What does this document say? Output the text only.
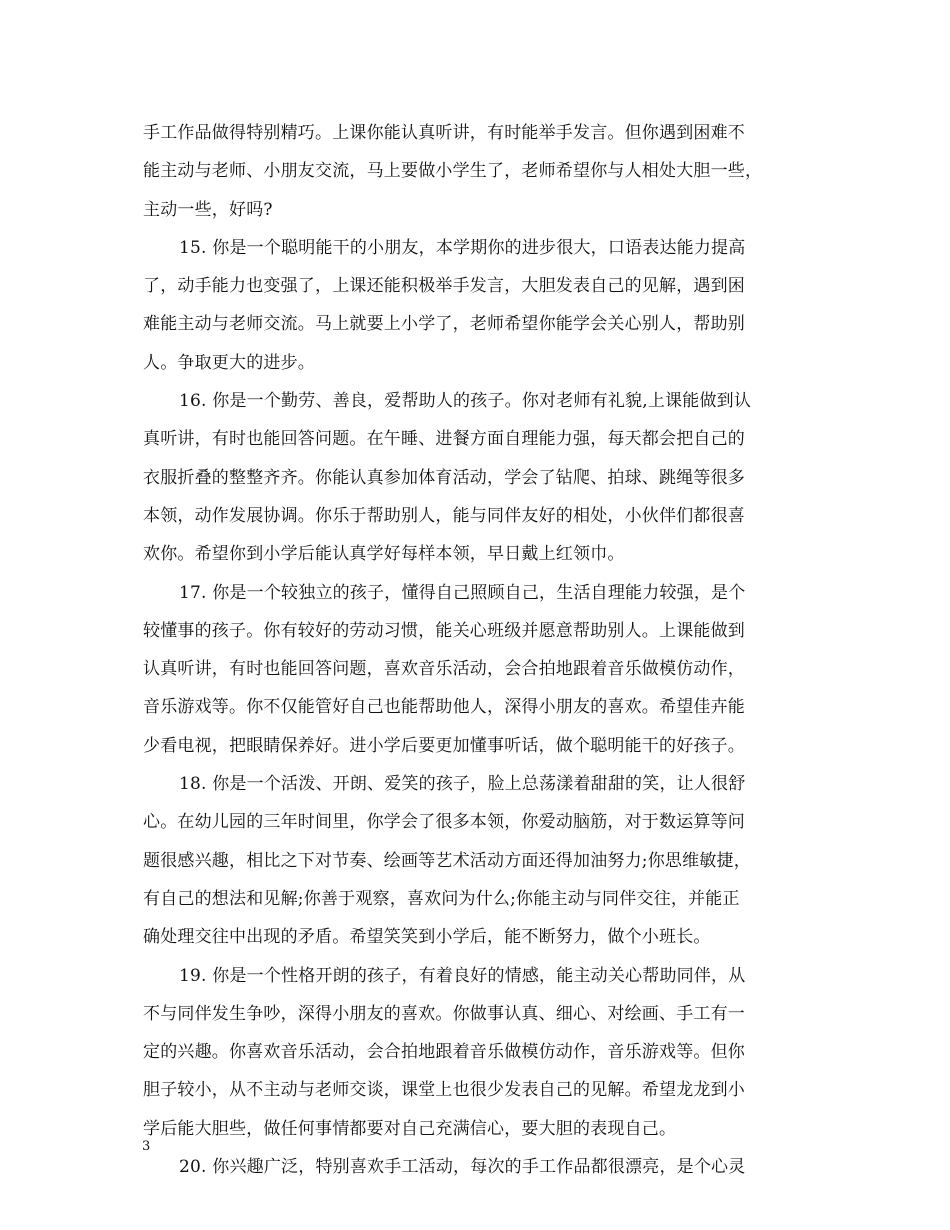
手工作品做得特别精巧。上课你能认真听讲，有时能举手发言。但你遇到困难不
能主动与老师、小朋友交流，马上要做小学生了，老师希望你与人相处大胆一些，
主动一些，好吗?
15. 你是一个聪明能干的小朋友，本学期你的进步很大，口语表达能力提高
了，动手能力也变强了，上课还能积极举手发言，大胆发表自己的见解，遇到困
难能主动与老师交流。马上就要上小学了，老师希望你能学会关心别人，帮助别
人。争取更大的进步。
16. 你是一个勤劳、善良，爱帮助人的孩子。你对老师有礼貌,上课能做到认
真听讲，有时也能回答问题。在午睡、进餐方面自理能力强，每天都会把自己的
衣服折叠的整整齐齐。你能认真参加体育活动，学会了钻爬、拍球、跳绳等很多
本领，动作发展协调。你乐于帮助别人，能与同伴友好的相处，小伙伴们都很喜
欢你。希望你到小学后能认真学好每样本领，早日戴上红领巾。
17. 你是一个较独立的孩子，懂得自己照顾自己，生活自理能力较强，是个
较懂事的孩子。你有较好的劳动习惯，能关心班级并愿意帮助别人。上课能做到
认真听讲，有时也能回答问题，喜欢音乐活动，会合拍地跟着音乐做模仿动作，
音乐游戏等。你不仅能管好自己也能帮助他人，深得小朋友的喜欢。希望佳卉能
少看电视，把眼睛保养好。进小学后要更加懂事听话，做个聪明能干的好孩子。
18. 你是一个活泼、开朗、爱笑的孩子，脸上总荡漾着甜甜的笑，让人很舒
心。在幼儿园的三年时间里，你学会了很多本领，你爱动脑筋，对于数运算等问
题很感兴趣，相比之下对节奏、绘画等艺术活动方面还得加油努力;你思维敏捷，
有自己的想法和见解;你善于观察，喜欢问为什么;你能主动与同伴交往，并能正
确处理交往中出现的矛盾。希望笑笑到小学后，能不断努力，做个小班长。
19. 你是一个性格开朗的孩子，有着良好的情感，能主动关心帮助同伴，从
不与同伴发生争吵，深得小朋友的喜欢。你做事认真、细心、对绘画、手工有一
定的兴趣。你喜欢音乐活动，会合拍地跟着音乐做模仿动作，音乐游戏等。但你
胆子较小，从不主动与老师交谈，课堂上也很少发表自己的见解。希望龙龙到小
学后能大胆些，做任何事情都要对自己充满信心，要大胆的表现自己。
20. 你兴趣广泛，特别喜欢手工活动，每次的手工作品都很漂亮，是个心灵
3
